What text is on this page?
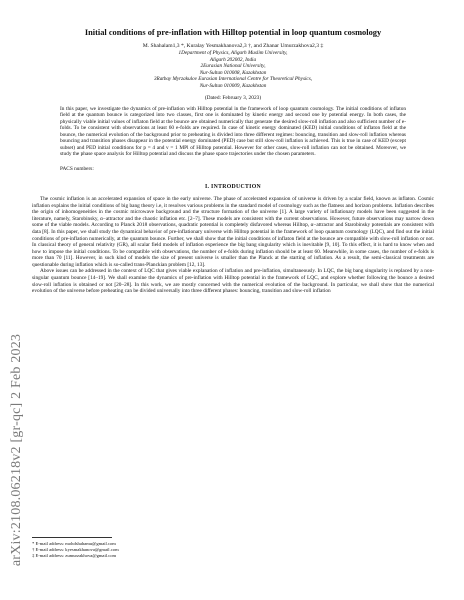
arXiv:2108.06218v2 [gr-qc] 2 Feb 2023

Initial conditions of pre-inflation with Hilltop potential in loop quantum cosmology

M. Shahalam1,3 *, Kuralay Yesmakhanova2,3 †, and Zhanar Umurzakhova2,3 ‡

1Department of Physics, Aligarh Muslim University,

Aligarh 202002, India

2Eurasian National University,

Nur-Sultan 010008, Kazakhstan

3Ratbay Myrzakulov Eurasian International Centre for Theoretical Physics,

Nur-Sultan 010009, Kazakhstan

(Dated: February 3, 2023)

In this paper, we investigate the dynamics of pre-inflation with Hilltop potential in the framework of loop quantum cosmology. The initial conditions of inflaton field at the quantum bounce is categorized into two classes, first one is dominated by kinetic energy and second one by potential energy. In both cases, the physically viable initial values of inflaton field at the bounce are obtained numerically that generate the desired slow-roll inflation and also sufficient number of e-folds. To be consistent with observations at least 60 e-folds are required. In case of kinetic energy dominated (KED) initial conditions of inflaton field at the bounce, the numerical evolution of the background prior to preheating is divided into three different regimes: bouncing, transition and slow-roll inflation whereas bouncing and transition phases disappear in the potential energy dominated (PED) case but still slow-roll inflation is achieved. This is true in case of KED (except subset) and PED initial conditions for p = 4 and v = 1 MPl of Hilltop potential. However for other cases, slow-roll inflation can not be obtained. Moreover, we study the phase space analysis for Hilltop potential and discuss the phase space trajectories under the chosen parameters.

PACS numbers:

I. INTRODUCTION

The cosmic inflation is an accelerated expansion of space in the early universe. The phase of accelerated expansion of universe is driven by a scalar field, known as inflaton. Cosmic inflation explains the initial conditions of big bang theory i.e, it resolves various problems in the standard model of cosmology such as the flatness and horizon problems. Inflation describes the origin of inhomogeneities in the cosmic microwave background and the structure formation of the universe [1]. A large variety of inflationary models have been suggested in the literature, namely, Starobinsky, α−attractor and the chaotic inflation etc. [2–7]. These models are consistent with the current observations. However, future observations may narrow down some of the viable models. According to Planck 2018 observations, quadratic potential is completely disfavored whereas Hilltop, α−attractor and Starobinsky potentials are consistent with data [8]. In this paper, we shall study the dynamical behavior of pre-inflationary universe with Hilltop potential in the framework of loop quantum cosmology (LQC), and find out the initial conditions of pre-inflation numerically, at the quantum bounce. Further, we shall show that the initial conditions of inflaton field at the bounce are compatible with slow-roll inflation or not. In classical theory of general relativity (GR), all scalar field models of inflation experience the big bang singularity which is inevitable [9, 10]. To this effect, it is hard to know when and how to impose the initial conditions. To be compatible with observations, the number of e-folds during inflation should be at least 60. Meanwhile, in some cases, the number of e-folds is more than 70 [11]. However, in such kind of models the size of present universe is smaller than the Planck at the starting of inflation. As a result, the semi-classical treatments are questionable during inflation which is so-called trans-Planckian problem [12, 13].

Above issues can be addressed in the context of LQC that gives viable explanation of inflation and pre-inflation, simultaneously. In LQC, the big bang singularity is replaced by a non-singular quantum bounce [14–19]. We shall examine the dynamics of pre-inflation with Hilltop potential in the framework of LQC, and explore whether following the bounce a desired slow-roll inflation is obtained or not [20–28]. In this work, we are mostly concerned with the numerical evolution of the background. In particular, we shall show that the numerical evolution of the universe before preheating can be divided universally into three different phases: bouncing, transition and slow-roll inflation

* E-mail address: mohdshahamu@gmail.com

† E-mail address: kyesmakhanova@gmail.com

‡ E-mail address: zumurzakhova@gmail.com
